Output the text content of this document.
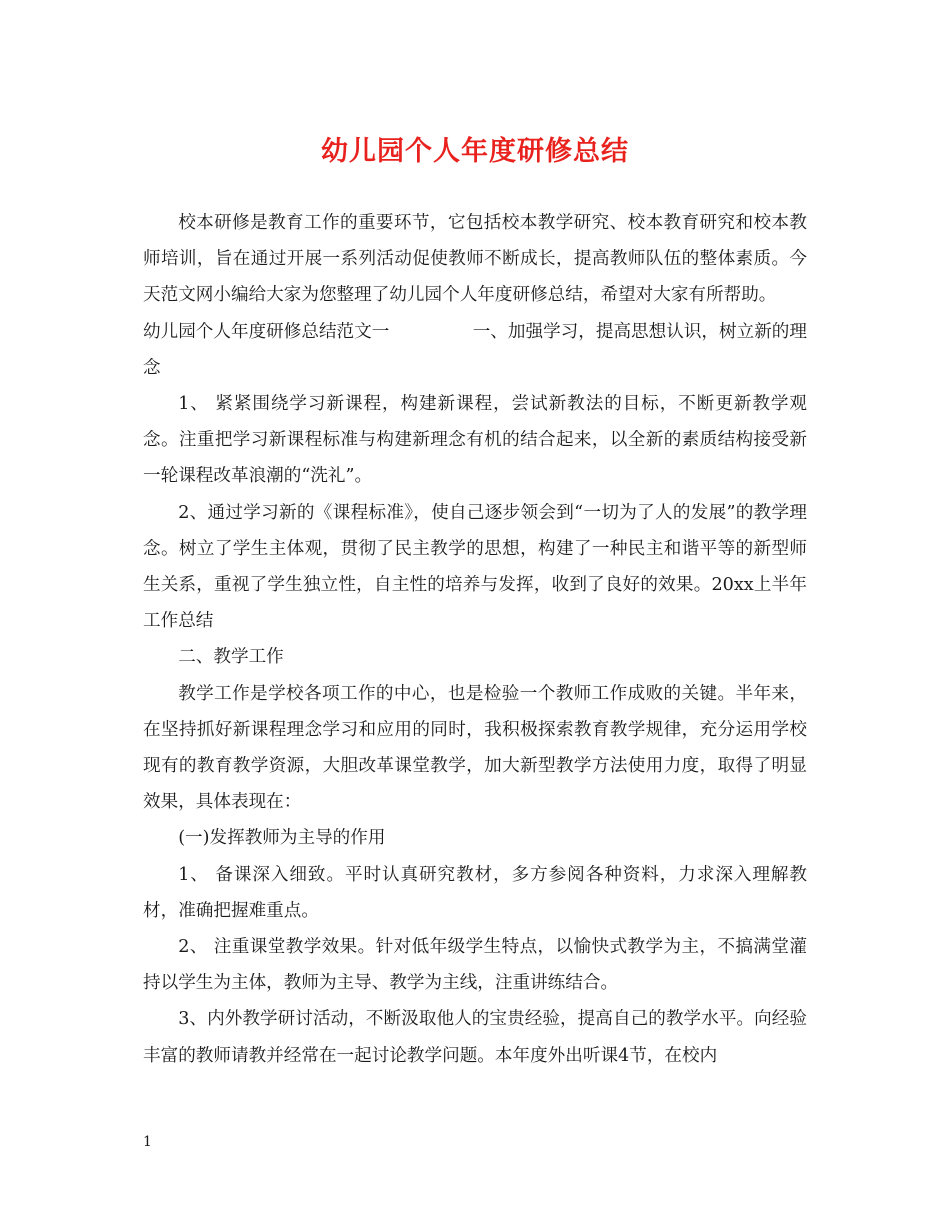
幼儿园个人年度研修总结

校本研修是教育工作的重要环节，它包括校本教学研究、校本教育研究和校本教师培训，旨在通过开展一系列活动促使教师不断成长，提高教师队伍的整体素质。今天范文网小编给大家为您整理了幼儿园个人年度研修总结，希望对大家有所帮助。

幼儿园个人年度研修总结范文一	一、加强学习，提高思想认识，树立新的理

念

1、 紧紧围绕学习新课程，构建新课程，尝试新教法的目标，不断更新教学观念。注重把学习新课程标准与构建新理念有机的结合起来，以全新的素质结构接受新一轮课程改革浪潮的“洗礼”。

2、通过学习新的《课程标准》，使自己逐步领会到“一切为了人的发展”的教学理念。树立了学生主体观，贯彻了民主教学的思想，构建了一种民主和谐平等的新型师生关系，重视了学生独立性，自主性的培养与发挥，收到了良好的效果。20xx上半年工作总结

二、教学工作

教学工作是学校各项工作的中心，也是检验一个教师工作成败的关键。半年来，在坚持抓好新课程理念学习和应用的同时，我积极探索教育教学规律，充分运用学校现有的教育教学资源，大胆改革课堂教学，加大新型教学方法使用力度，取得了明显效果，具体表现在：

(一)发挥教师为主导的作用

1、 备课深入细致。平时认真研究教材，多方参阅各种资料，力求深入理解教材，准确把握难重点。

2、 注重课堂教学效果。针对低年级学生特点，以愉快式教学为主，不搞满堂灌持以学生为主体，教师为主导、教学为主线，注重讲练结合。

3、内外教学研讨活动，不断汲取他人的宝贵经验，提高自己的教学水平。向经验丰富的教师请教并经常在一起讨论教学问题。本年度外出听课4节，在校内

1
